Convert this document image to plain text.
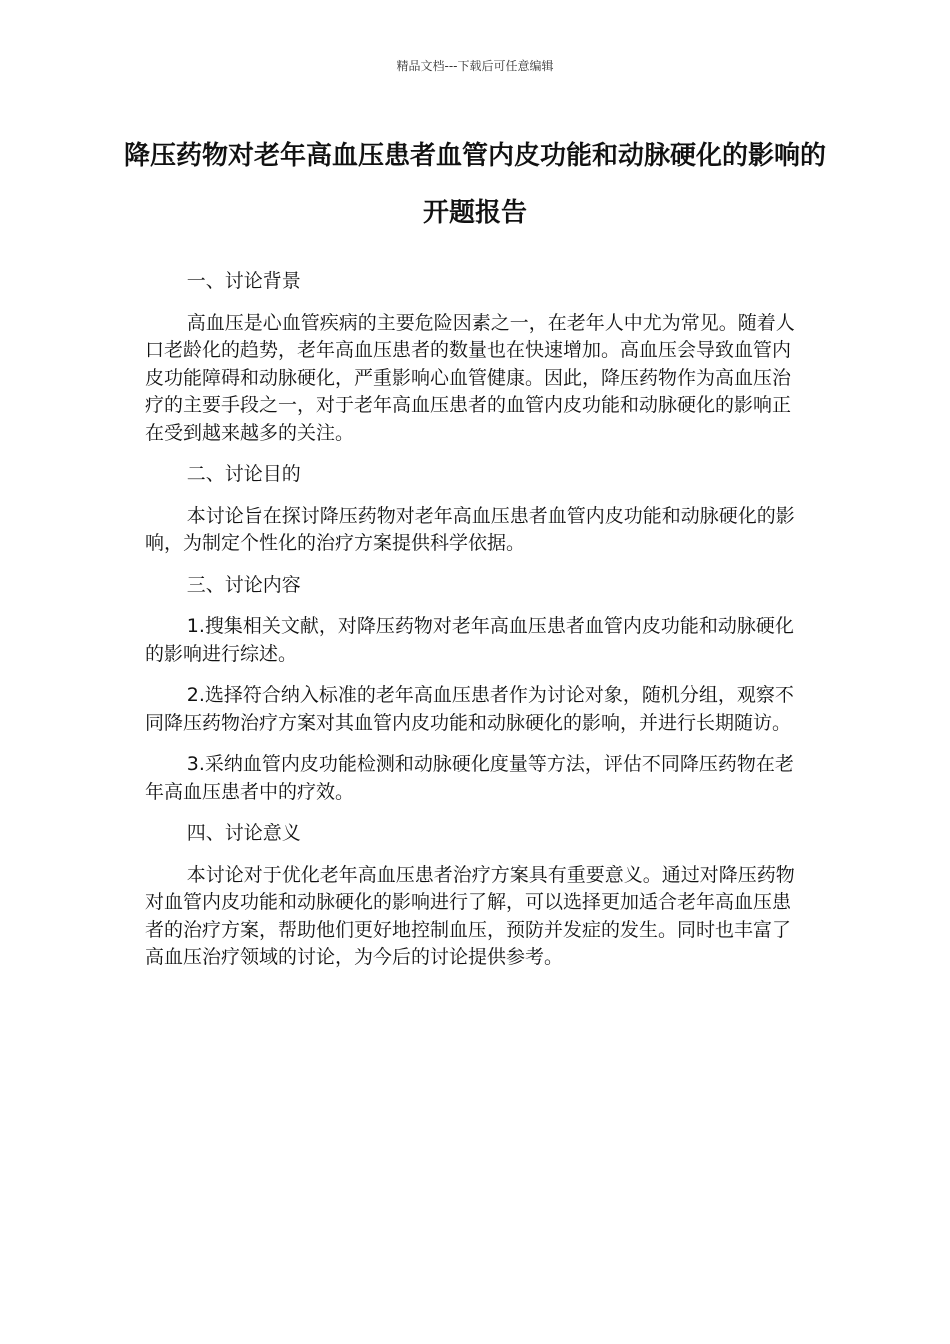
精品文档---下载后可任意编辑
降压药物对老年高血压患者血管内皮功能和动脉硬化的影响的开题报告

一、讨论背景

高血压是心血管疾病的主要危险因素之一，在老年人中尤为常见。随着人口老龄化的趋势，老年高血压患者的数量也在快速增加。高血压会导致血管内皮功能障碍和动脉硬化，严重影响心血管健康。因此，降压药物作为高血压治疗的主要手段之一，对于老年高血压患者的血管内皮功能和动脉硬化的影响正在受到越来越多的关注。

二、讨论目的

本讨论旨在探讨降压药物对老年高血压患者血管内皮功能和动脉硬化的影响，为制定个性化的治疗方案提供科学依据。

三、讨论内容

1.搜集相关文献，对降压药物对老年高血压患者血管内皮功能和动脉硬化的影响进行综述。

2.选择符合纳入标准的老年高血压患者作为讨论对象，随机分组，观察不同降压药物治疗方案对其血管内皮功能和动脉硬化的影响，并进行长期随访。

3.采纳血管内皮功能检测和动脉硬化度量等方法，评估不同降压药物在老年高血压患者中的疗效。

四、讨论意义

本讨论对于优化老年高血压患者治疗方案具有重要意义。通过对降压药物对血管内皮功能和动脉硬化的影响进行了解，可以选择更加适合老年高血压患者的治疗方案，帮助他们更好地控制血压，预防并发症的发生。同时也丰富了高血压治疗领域的讨论，为今后的讨论提供参考。
